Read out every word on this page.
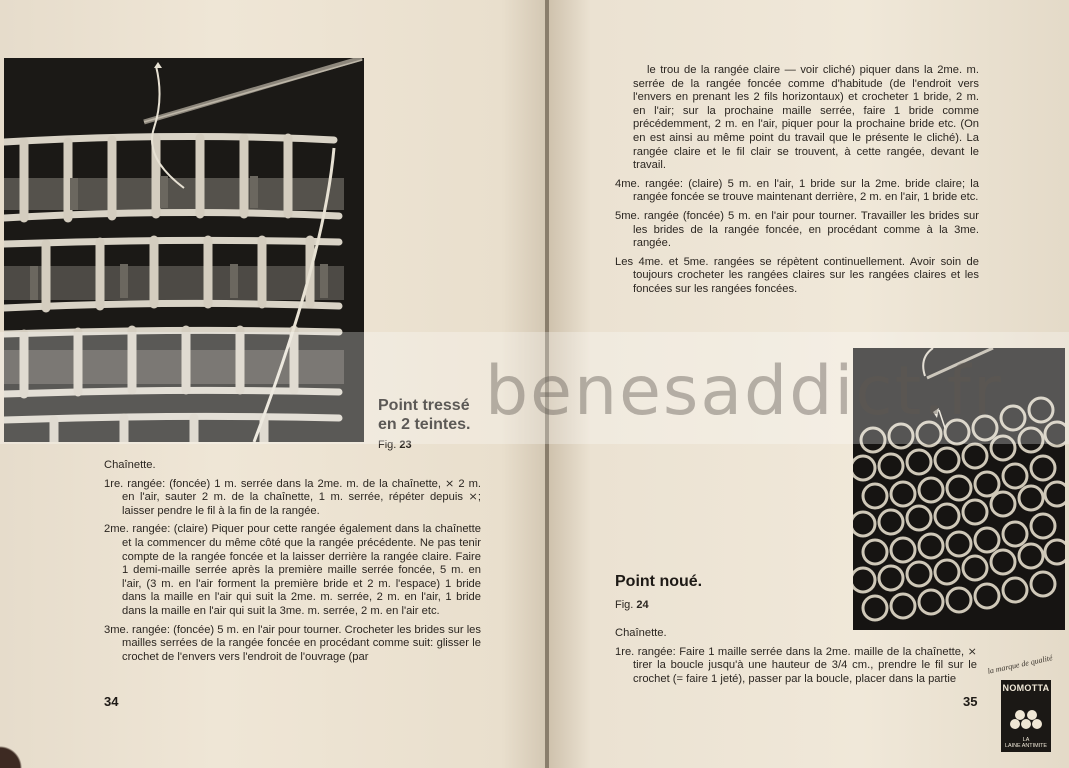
Point tressé
en 2 teintes.
Fig. 23

Chaînette.

1re. rangée: (foncée) 1 m. serrée dans la 2me. m. de la chaînette, ⨯ 2 m. en l'air, sauter 2 m. de la chaînette, 1 m. serrée, répéter depuis ⨯; laisser pendre le fil à la fin de la rangée.

2me. rangée: (claire) Piquer pour cette rangée également dans la chaînette et la commencer du même côté que la rangée précédente. Ne pas tenir compte de la rangée foncée et la laisser derrière la rangée claire. Faire 1 demi-maille serrée après la première maille serrée foncée, 5 m. en l'air, (3 m. en l'air forment la première bride et 2 m. l'espace) 1 bride dans la maille en l'air qui suit la 2me. m. serrée, 2 m. en l'air, 1 bride dans la maille en l'air qui suit la 3me. m. serrée, 2 m. en l'air etc.

3me. rangée: (foncée) 5 m. en l'air pour tourner. Crocheter les brides sur les mailles serrées de la rangée foncée en procédant comme suit: glisser le crochet de l'envers vers l'endroit de l'ouvrage (par

34

le trou de la rangée claire — voir cliché) piquer dans la 2me. m. serrée de la rangée foncée comme d'habitude (de l'endroit vers l'envers en prenant les 2 fils horizontaux) et crocheter 1 bride, 2 m. en l'air; sur la prochaine maille serrée, faire 1 bride comme précédemment, 2 m. en l'air, piquer pour la prochaine bride etc. (On en est ainsi au même point du travail que le présente le cliché). La rangée claire et le fil clair se trouvent, à cette rangée, devant le travail.

4me. rangée: (claire) 5 m. en l'air, 1 bride sur la 2me. bride claire; la rangée foncée se trouve maintenant derrière, 2 m. en l'air, 1 bride etc.

5me. rangée (foncée) 5 m. en l'air pour tourner. Travailler les brides sur les brides de la rangée foncée, en procédant comme à la 3me. rangée.

Les 4me. et 5me. rangées se répètent continuellement. Avoir soin de toujours crocheter les rangées claires sur les rangées claires et les foncées sur les rangées foncées.

Point noué.
Fig. 24

Chaînette.

1re. rangée: Faire 1 maille serrée dans la 2me. maille de la chaînette, ⨯ tirer la boucle jusqu'à une hauteur de 3/4 cm., prendre le fil sur le crochet (= faire 1 jeté), passer par la boucle, placer dans la partie

35
la marque de qualité
NOMOTTA
LA
LAINE ANTIMITE
benesaddict.fr
